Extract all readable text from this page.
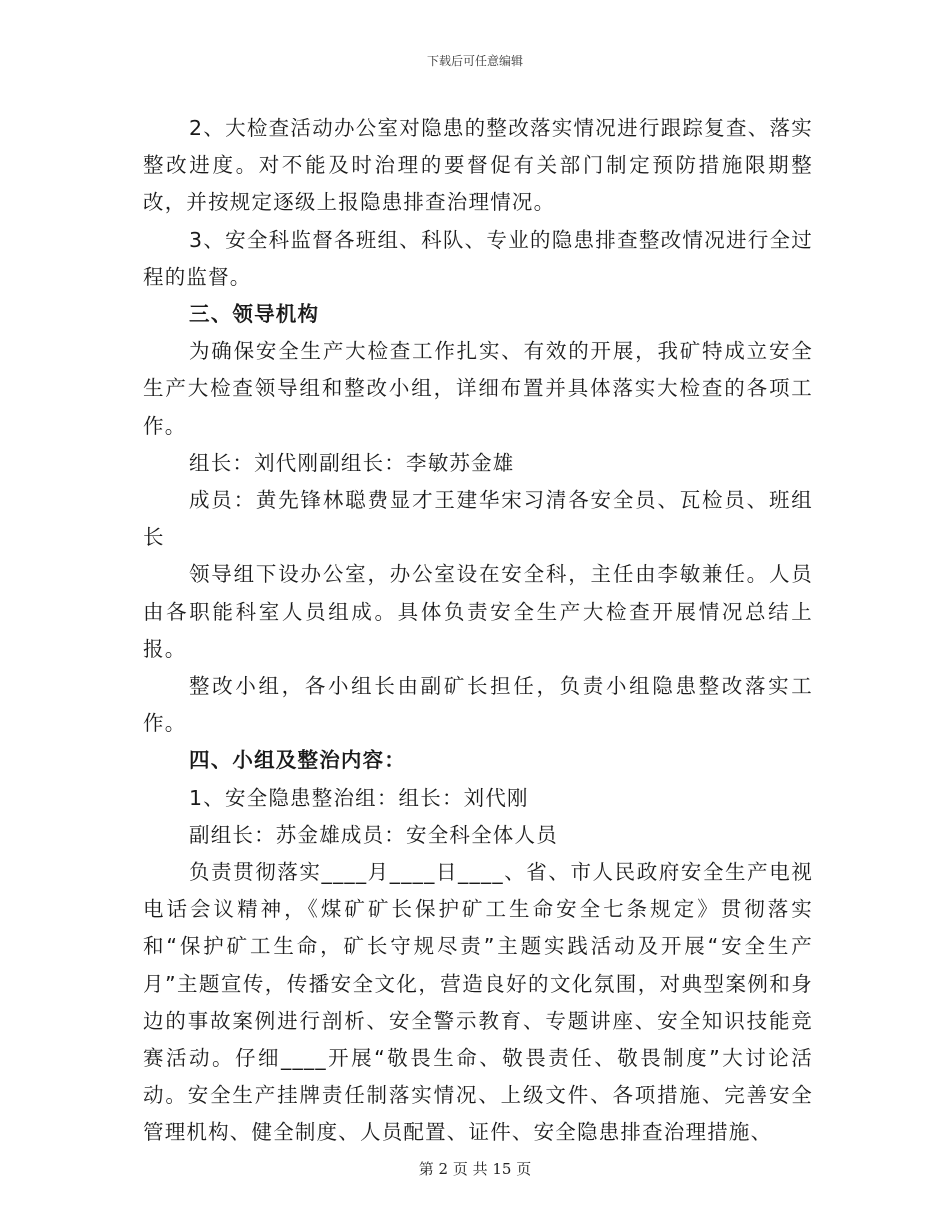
下载后可任意编辑

2、大检查活动办公室对隐患的整改落实情况进行跟踪复查、落实整改进度。对不能及时治理的要督促有关部门制定预防措施限期整改，并按规定逐级上报隐患排查治理情况。

3、安全科监督各班组、科队、专业的隐患排查整改情况进行全过程的监督。

三、领导机构

为确保安全生产大检查工作扎实、有效的开展，我矿特成立安全生产大检查领导组和整改小组，详细布置并具体落实大检查的各项工作。

组长：刘代刚副组长：李敏苏金雄

成员：黄先锋林聪费显才王建华宋习清各安全员、瓦检员、班组长

领导组下设办公室，办公室设在安全科，主任由李敏兼任。人员由各职能科室人员组成。具体负责安全生产大检查开展情况总结上报。

整改小组，各小组长由副矿长担任，负责小组隐患整改落实工作。

四、小组及整治内容：

1、安全隐患整治组：组长：刘代刚

副组长：苏金雄成员：安全科全体人员

负责贯彻落实____月____日____、省、市人民政府安全生产电视电话会议精神，《煤矿矿长保护矿工生命安全七条规定》贯彻落实和“保护矿工生命，矿长守规尽责”主题实践活动及开展“安全生产月”主题宣传，传播安全文化，营造良好的文化氛围，对典型案例和身边的事故案例进行剖析、安全警示教育、专题讲座、安全知识技能竞赛活动。仔细____开展“敬畏生命、敬畏责任、敬畏制度”大讨论活动。安全生产挂牌责任制落实情况、上级文件、各项措施、完善安全管理机构、健全制度、人员配置、证件、安全隐患排查治理措施、

第 2 页 共 15 页
